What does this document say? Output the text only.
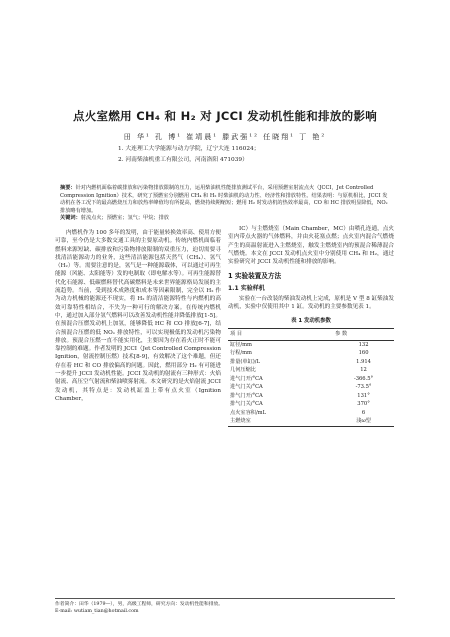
点火室燃用 CH₄ 和 H₂ 对 JCCI 发动机性能和排放的影响
田 华¹ 孔 博¹ 崔靖晨¹ 滕武强¹² 任晓翔¹ 丁 艳²
1. 大连理工大学能源与动力学院，辽宁大连 116024；
2. 河南柴油机重工有限公司，河南洛阳 471039）
摘要：针对内燃机面临着碳排放和污染物排放限制的压力，运用柴油机性能排放测试平台，采用预燃室射流点火（JCCI，Jet Controlled Compression Ignition）技术，研究了预燃室分别燃用 CH₄ 和 H₂ 时柴油机的动力性、经济性和排放特性。结果表明：与原机相比，JCCI 发动机在各工况下的最高燃烧压力和放热率峰值均有所提高，燃烧持续期缩短；燃用 H₂ 时发动机的热效率最高，CO 和 HC 排放明显降低，NOₓ 排放略有增加。
关键词：射流点火；预燃室；氢气；甲烷；排放

内燃机作为 100 多年的发明，由于能量转换效率高、使用方便可靠，至今仍是大多数交通工具的主要原动机。传统内燃机面临着燃料来源短缺、碳排放和污染物排放限制的双重压力，迫切需要寻找清洁能源动力的业务，这些清洁能源包括天然气（CH₄）、氢气（H₂）等。需要注意的是，氢气是一种能源载体，可以通过可再生能源（风能、太阳能等）发的电制取（即电解水等）。可再生能源替代化石能源、低碳燃料替代高碳燃料是未来世界能源格局发展的主流趋势。当前，受到技术成熟度和成本等因素限制，完全以 H₂ 作为动力机械的能源还不现实，将 H₂ 的清洁能源特性与内燃机的高效可靠特性相结合，不失为一种可行的解决方案。在传统内燃机中，通过加入部分氢气燃料可以改善发动机性能并降低排放[1-5]。在预混合压燃发动机上加氢，能够降低 HC 和 CO 排放[6-7]，结合预混合压燃的低 NOₓ 排放特性，可以实现极低的发动机污染物排放。预混合压燃一直不能实用化，主要因为存在着火正时不能可靠控制的难题。作者发明的 JCCI（Jet Controlled Compression Ignition，射流控制压燃）技术[8-9]，有效解决了这个难题，但还存在着 HC 和 CO 排放偏高的问题。因此，燃用部分 H₂ 有可能进一步提升 JCCI 发动机性能。JCCI 发动机的射流有三种形式：火焰射流、高压空气射流和柴油喷雾射流。本文研究的是火焰射流 JCCI 发动机，其特点是：发动机缸盖上带有点火室（Ignition Chamber，

IC）与主燃烧室（Main Chamber，MC）由喷孔连通，点火室内带点火器的气体燃料，并由火花塞点燃；点火室内混合气燃烧产生的高温射流进入主燃烧室，触发主燃烧室内的预混合稀薄混合气燃烧。本文在 JCCI 发动机点火室中分别使用 CH₄ 和 H₂，通过实验研究对 JCCI 发动机性能和排放的影响。

1 实验装置及方法
1.1 实验样机

实验在一台改装的柴油发动机上完成，原机是 V 型 8 缸柴油发动机，实验中仅使用其中 1 缸。发动机的主要参数见表 1。

表 1 发动机参数
项 目	参 数
缸径/mm	132
行程/mm	160
排量(单缸)/L	1.914
几何压缩比	12
进气门开/°CA	-366.5°
进气门关/°CA	-73.5°
排气门开/°CA	131°
排气门关/°CA	370°
点火室容积/mL	6
主燃烧室	浅ω型
作者简介：田华（1979—），男，高级工程师，研究方向：发动机性能和排放。
E-mail: wutiam_tian@hotmail.com
